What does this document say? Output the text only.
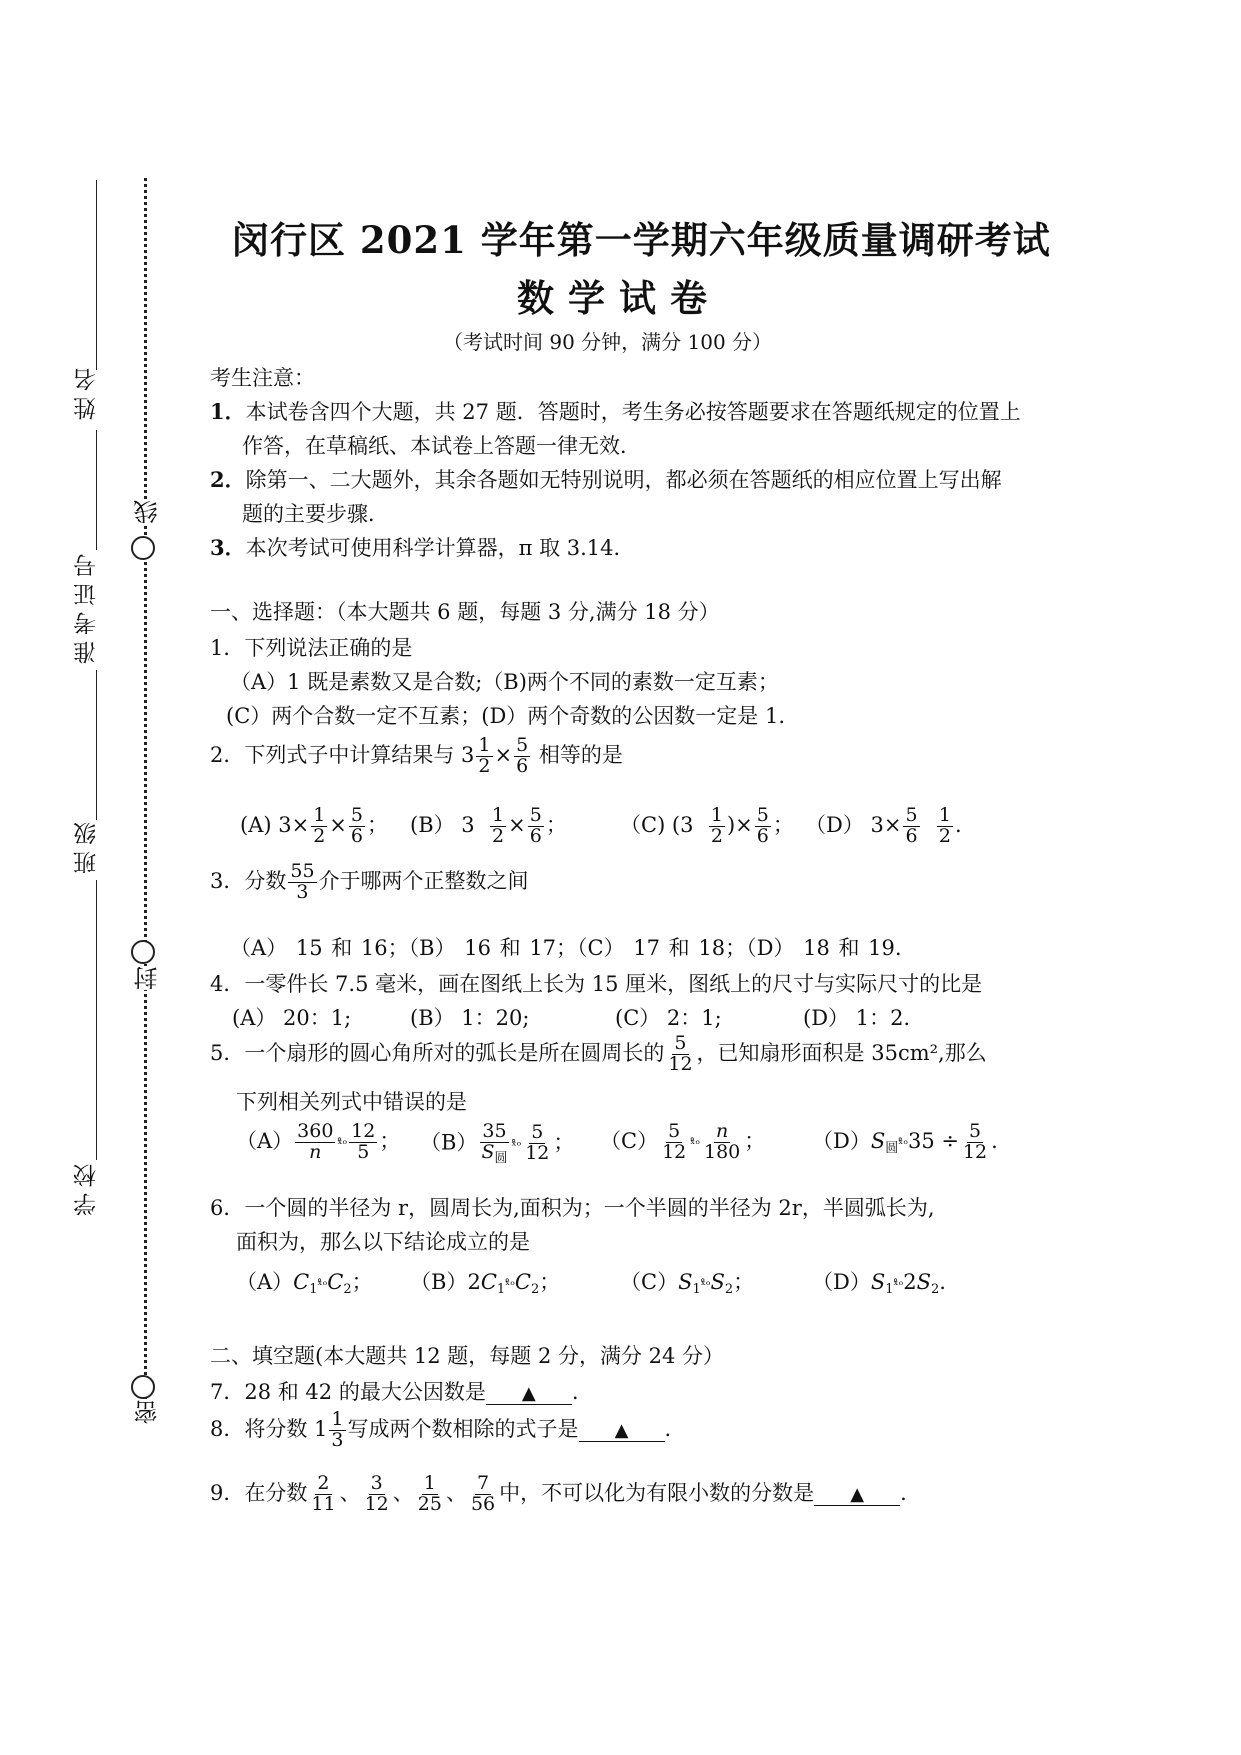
姓名
准考证号
班级
学校
线
封
密
闵行区 2021 学年第一学期六年级质量调研考试
数学试卷
（考试时间 90 分钟，满分 100 分）
考生注意：
1．本试卷含四个大题，共 27 题．答题时，考生务必按答题要求在答题纸规定的位置上
作答，在草稿纸、本试卷上答题一律无效．
2．除第一、二大题外，其余各题如无特别说明，都必须在答题纸的相应位置上写出解
题的主要步骤．
3．本次考试可使用科学计算器，π 取 3.14．
一、选择题：（本大题共 6 题，每题 3 分,满分 18 分）
1．下列说法正确的是
（A）1 既是素数又是合数;（B)两个不同的素数一定互素；
(C）两个合数一定不互素；(D）两个奇数的公因数一定是 1.
2．下列式子中计算结果与 $3 \frac{1}{2} \times \frac{5}{6}$ 相等的是
(A) $3\times \frac{1}{2} \times \frac{5}{6}$ ； (B） $3 \frac{1}{2} \times \frac{5}{6}$ ；	（C) ($3 \frac{1}{2}$ )× $\frac{5}{6}$ ； （D） $3\times \frac{5}{6}$
$\frac{1}{2}$ .
3．分数 $\frac{55}{3}$ 介于哪两个正整数之间
（A） 15 和 16；（B） 16 和 17；（C） 17 和 18；（D） 18 和 19.
4．一零件长 7.5 毫米，画在图纸上长为 15 厘米，图纸上的尺寸与实际尺寸的比是
(A） 20：1;	(B） 1：20;	(C） 2：1;	(D） 1：2.
5．一个扇形的圆心角所对的弧长是所在圆周长的 $\frac{5}{12}$ ，已知扇形面积是 35cm²,那么
下列相关列式中错误的是
$(A) \frac{360}{n}$ ˣ̊ᵒ $\frac{12}{5}$ ； $(B) \frac{35}{S_圆}$ ˣ̊ᵒ $\frac{5}{12}$ ； $(C) \frac{5}{12}$ ˣ̊ᵒ $\frac{n}{180}$ ； $(D)S_圆ˣ̊ᵒ35 \div \frac{5}{12}$ .
6．一个圆的半径为 r，圆周长为,面积为；一个半圆的半径为 2r，半圆弧长为,
面积为，那么以下结论成立的是
$(A)C_1ˣ̊ᵒC_2$； $(B)2C_1ˣ̊ᵒC_2$；	$(C)S_1ˣ̊ᵒS_2$；	$(D)S_1ˣ̊ᵒ2S_2$.
二、填空题(本大题共 12 题，每题 2 分，满分 24 分）
7．28 和 42 的最大公因数是 ▲ .
8．将分数 $1 \frac{1}{3}$ 写成两个数相除的式子是 ▲ .
9．在分数 $\frac{2}{11}$ 、 $\frac{3}{12}$ 、 $\frac{1}{25}$ 、 $\frac{7}{56}$ 中，不可以化为有限小数的分数是 ▲ .
